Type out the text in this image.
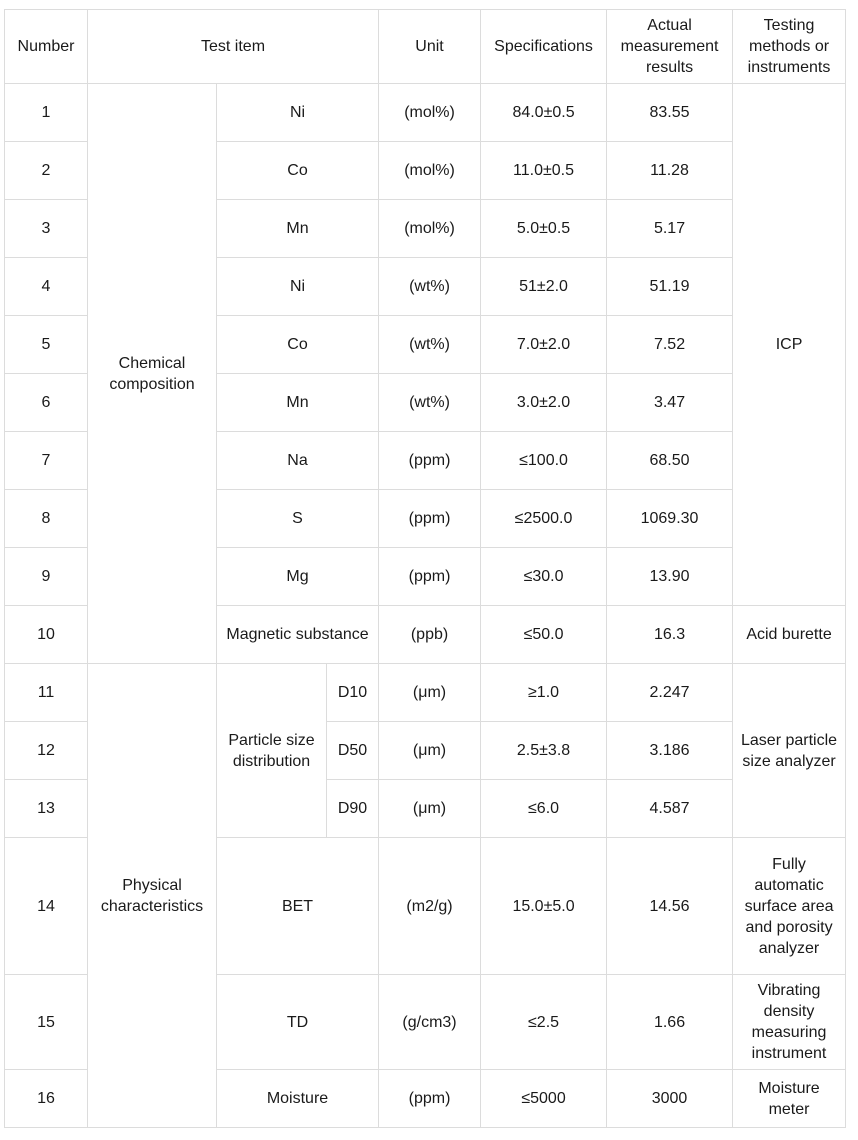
Number	Test item			Unit	Specifications	Actual measurement results	Testing methods or instruments
1	Chemical composition	Ni		(mol%)	84.0±0.5	83.55	ICP
2		Co		(mol%)	11.0±0.5	11.28	
3		Mn		(mol%)	5.0±0.5	5.17	
4		Ni		(wt%)	51±2.0	51.19	
5		Co		(wt%)	7.0±2.0	7.52	
6		Mn		(wt%)	3.0±2.0	3.47	
7		Na		(ppm)	≤100.0	68.50	
8		S		(ppm)	≤2500.0	1069.30	
9		Mg		(ppm)	≤30.0	13.90	
10		Magnetic substance		(ppb)	≤50.0	16.3	Acid burette
11	Physical characteristics	Particle size distribution	D10	(μm)	≥1.0	2.247	Laser particle size analyzer
12			D50	(μm)	2.5±3.8	3.186	
13			D90	(μm)	≤6.0	4.587	
14		BET		(m2/g)	15.0±5.0	14.56	Fully automatic surface area and porosity analyzer
15		TD		(g/cm3)	≤2.5	1.66	Vibrating density measuring instrument
16		Moisture		(ppm)	≤5000	3000	Moisture meter
